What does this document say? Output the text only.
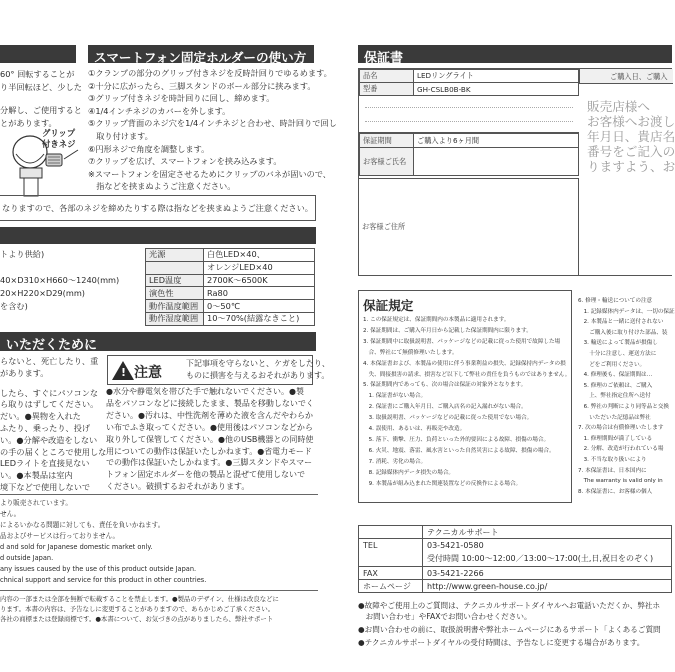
60° 回転することが
り半回転ほど、少した
分解し、ご使用すると
とがあります。
グリップ
付きネジ
スマートフォン固定ホルダーの使い方
①クランプの部分のグリップ付きネジを反時計回りでゆるめます。
②十分に広がったら、三脚スタンドのボール部分に挟みます。
③グリップ付きネジを時計回りに回し、締めます。
④1/4インチネジのカバーを外します。
⑤クリップ背面のネジ穴を1/4インチネジと合わせ、時計回りで回し
　取り付けます。
⑥円形ネジで角度を調整します。
⑦クリップを広げ、スマートフォンを挟み込みます。
※スマートフォンを固定させるためにクリップのバネが固いので、
　指などを挟まぬようご注意ください。
なりますので、各部のネジを締めたりする際は指などを挟まぬようご注意ください。
トより供給)
40×D310×H660～1240(mm)
20×H220×D29(mm)
を含む)
光源	白色LED×40、
	オレンジLED×40
LED温度	2700K～6500K
演色性	Ra80
動作温度範囲	0～50℃
動作湿度範囲	10～70%(結露なきこと)
いただくために
らないと、死亡したり、重
があります。
したら、すぐにパソコンな
ら取りはずしてください。
だい。●異物を入れた
ふたり、乗ったり、投げ
い。●分解や改造をしない
の手の届くところで使用しな
LEDライトを直接見ない
い。●本製品は室内
境下などで使用しないで
! 注意
下記事項を守らないと、ケガをしたり、
ものに損害を与えるおそれがあります。
●水分や静電気を帯びた手で触れないでください。●製
品をパソコンなどに接続したまま、製品を移動しないでく
ださい。●汚れは、中性洗剤を薄めた液を含んだやわらか
い布でふき取ってください。●使用後はパソコンなどから
取り外して保管してください。●他のUSB機器との同時使
用についての動作は保証いたしかねます。●省電力モード
での動作は保証いたしかねます。●三脚スタンドやスマー
トフォン固定ホルダーを他の製品と混ぜて使用しないで
ください。破損するおそれがあります。
より販売されています。
せん。
によるいかなる問題に対しても、責任を負いかねます。
品およびサービスは行っておりません。
d and sold for Japanese domestic market only.
d outside Japan.
any issues caused by the use of this product outside Japan.
chnical support and service for this product in other countries.
内容の一部または全部を無断で転載することを禁止します。●製品のデザイン、仕様は改良などに
ります。本書の内容は、予告なしに変更することがありますので、あらかじめご了承ください。
各社の商標または登録商標です。●本書について、お気づきの点がありましたら、弊社サポート
保証書
品名	LEDリングライト
型番	GH-CSLB0B-BK
保証期間	ご購入より6ヶ月間
お客様ご氏名	
お客様ご住所
ご購入日、ご購入
販売店様へ
お客様へお渡し
年月日、貴店名
番号をご記入の
りますよう、お
保証規定
1. この保証規定は、保証期間内の本製品に適用されます。
2. 保証期間は、ご購入年月日から記載した保証期間内に限ります。
3. 保証期間中に取扱説明書、パッケージなどの記載に従った使用で故障した場
　合、弊社にて無償修理いたします。
4. 本保証書および、本製品の使用に伴う事業利益の損失、記録保持内データの損
　失、間接損害の請求、損害など以下して弊社の責任を負うものではありません。
5. 保証期間内であっても、次の場合は保証の対象外となります。
　1. 保証書がない場合。
　2. 保証書にご購入年月日、ご購入店名の記入漏れがない場合。
　3. 取扱説明書、パッケージなどの記載に従った使用でない場合。
　4. 誤使用、あるいは、再販売や改造。
　5. 落下、衝撃、圧力、負荷といった外的要因による故障、損傷の場合。
　6. 火災、地震、落雷、風水害といった自然災害による故障、損傷の場合。
　7. 消耗、劣化の場合。
　8. 記録媒体内データ損失の場合。
　9. 本製品が組み込まれた関連装置などの反換作による場合。
6. 修理・輸送についての注意
　1. 記録媒体内データは、一切の保証
　2. 本製品と一緒に送付されない
　　ご購入後に取り付けた部品、装
　3. 輸送によって製品が損傷し
　　十分に注意し、運送方法に
　　どをご利用ください。
　4. 修理後も、保証期間は…
　5. 修理のご依頼は、ご購入
　　上、弊社指定住所へ送付
　6. 弊社の判断により同等品と交換
　　いただいた記憶品は弊社
7. 次の場合は有償修理いたします
　1. 修理期間が満了している
　2. 分解、改造が行われている場
　3. 不当な取り扱いにより
7. 本保証書は、日本国内に
　The warranty is valid only in
8. 本保証書に、お客様の個人
	テクニカルサポート
TEL	03-5421-0580
	受付時間 10:00～12:00／13:00～17:00(土,日,祝日をのぞく)
FAX	03-5421-2266
ホームページ	http://www.green-house.co.jp/
●故障やご使用上のご質問は、テクニカルサポートダイヤルへお電話いただくか、弊社ホ
　お問い合わせ」やFAXでお問い合わせください。
●お問い合わせの前に、取扱説明書や弊社ホームページにあるサポート「よくあるご質問
●テクニカルサポートダイヤルの受付時間は、予告なしに変更する場合があります。
